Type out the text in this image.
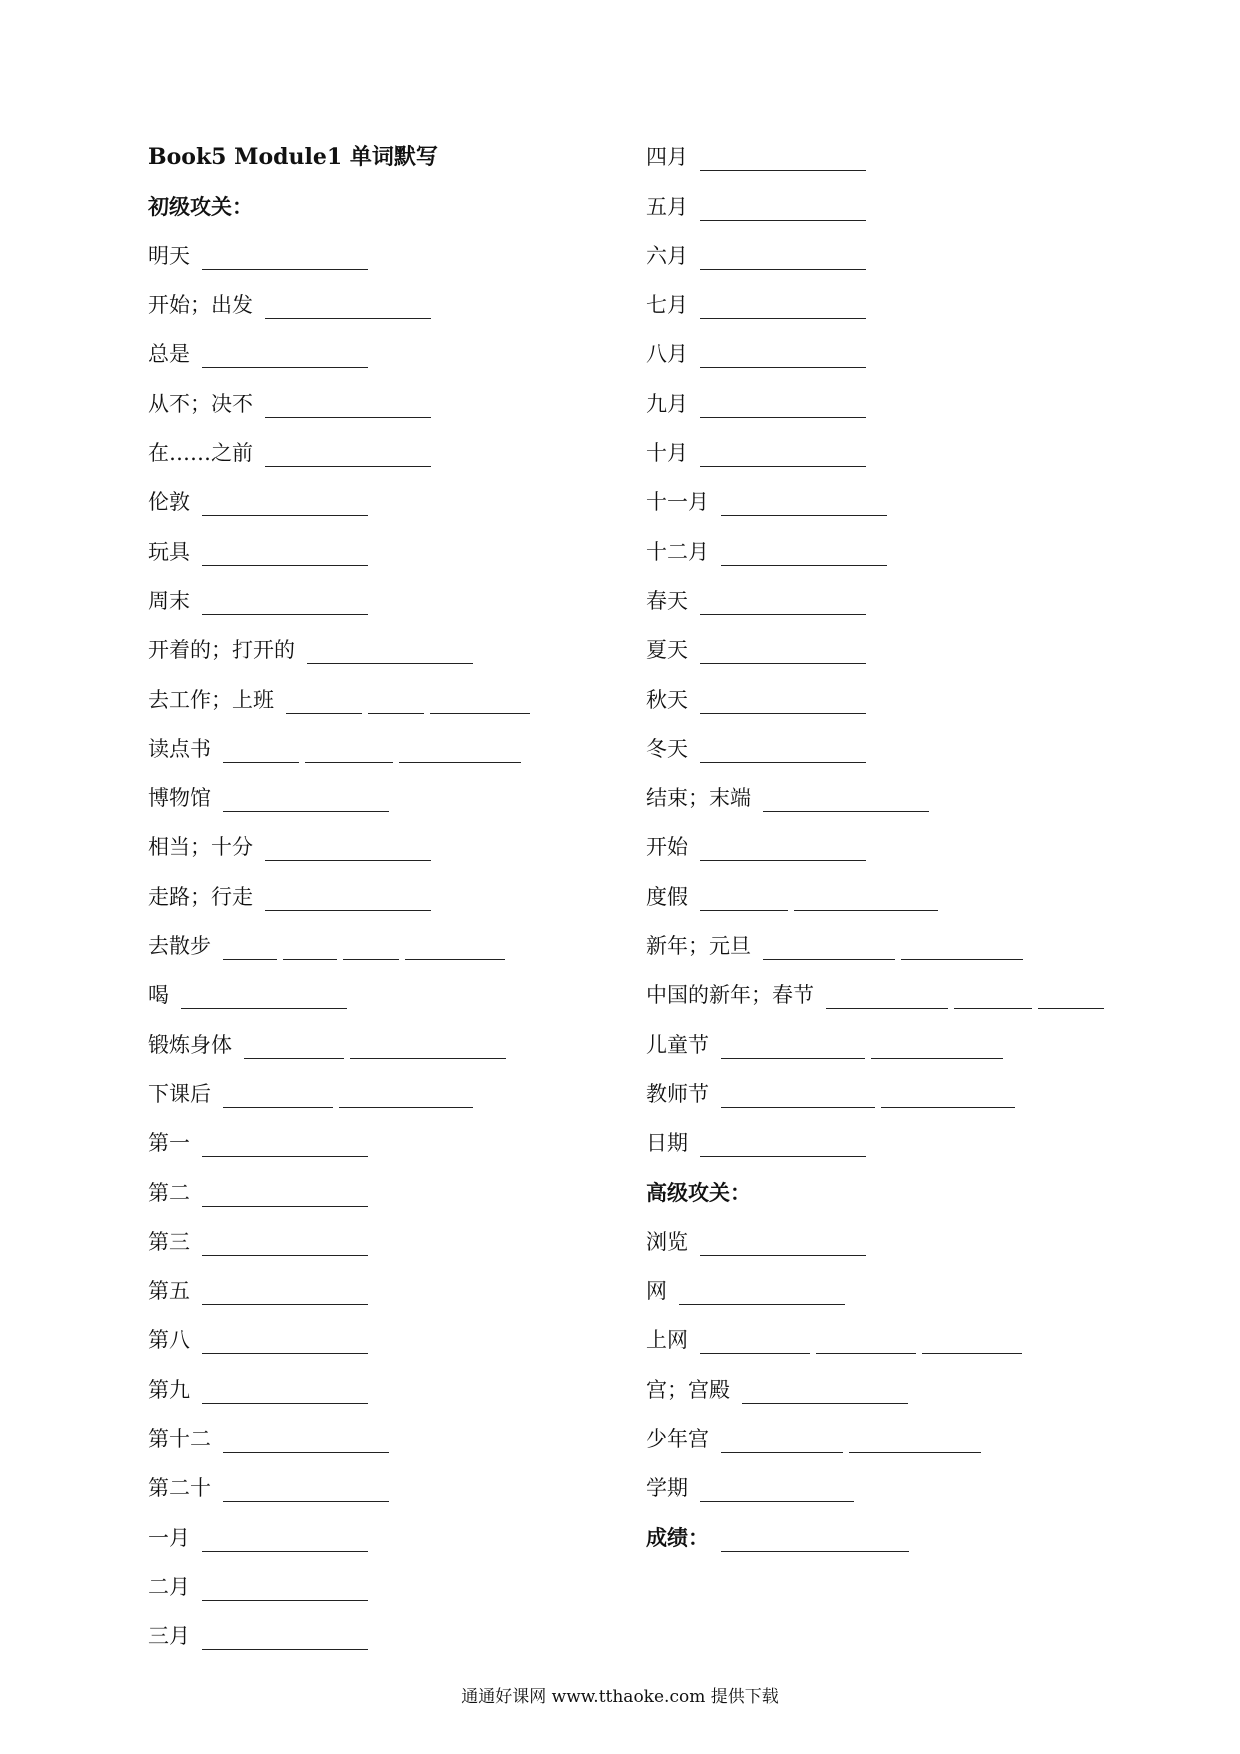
Book5 Module1 单词默写
初级攻关：
明天
开始；出发
总是
从不；决不
在……之前
伦敦
玩具
周末
开着的；打开的
去工作；上班
读点书
博物馆
相当；十分
走路；行走
去散步
喝
锻炼身体
下课后
第一
第二
第三
第五
第八
第九
第十二
第二十
一月
二月
三月
四月
五月
六月
七月
八月
九月
十月
十一月
十二月
春天
夏天
秋天
冬天
结束；末端
开始
度假
新年；元旦
中国的新年；春节
儿童节
教师节
日期
高级攻关：
浏览
网
上网
宫；宫殿
少年宫
学期
成绩：
通通好课网 www.tthaoke.com 提供下载
